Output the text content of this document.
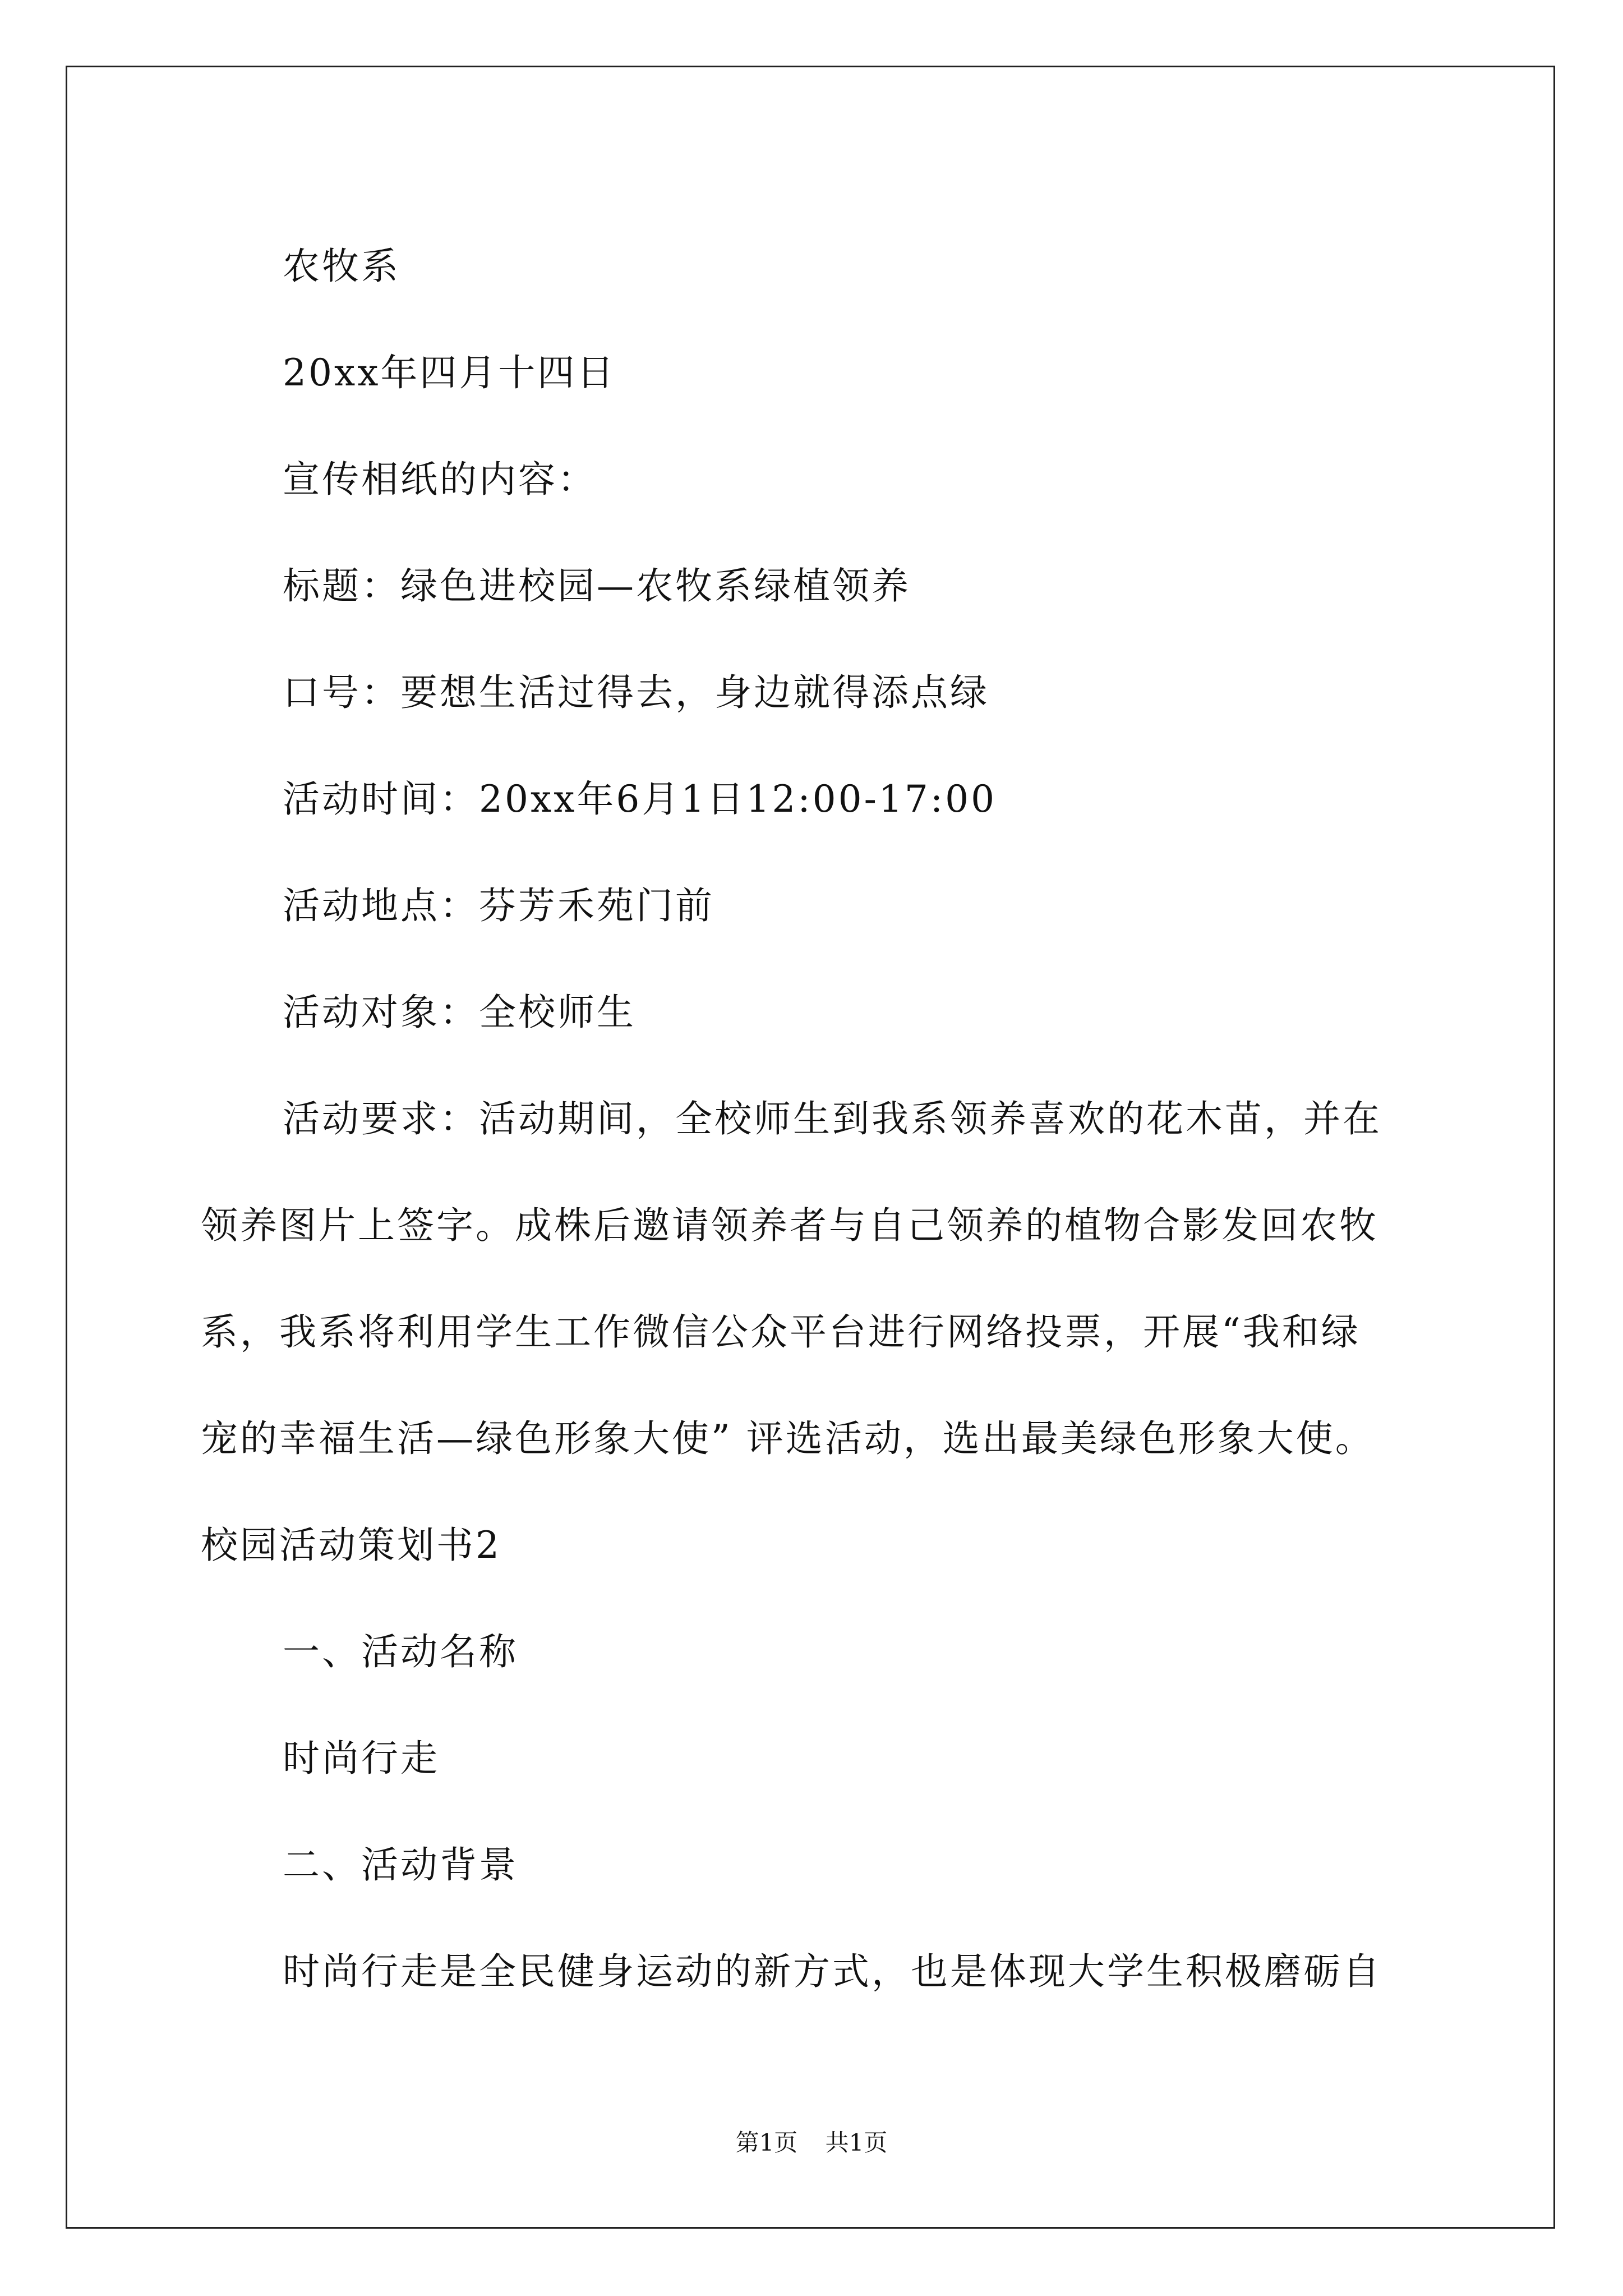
农牧系
20xx年四月十四日
宣传相纸的内容：
标题：绿色进校园—农牧系绿植领养
口号：要想生活过得去，身边就得添点绿
活动时间：20xx年6月1日12:00-17:00
活动地点：芬芳禾苑门前
活动对象：全校师生
活动要求：活动期间，全校师生到我系领养喜欢的花木苗，并在
领养图片上签字。成株后邀请领养者与自己领养的植物合影发回农牧
系，我系将利用学生工作微信公众平台进行网络投票，开展“我和绿
宠的幸福生活—绿色形象大使” 评选活动，选出最美绿色形象大使。
校园活动策划书2
一、活动名称
时尚行走
二、活动背景
时尚行走是全民健身运动的新方式，也是体现大学生积极磨砺自
第1页 共1页
